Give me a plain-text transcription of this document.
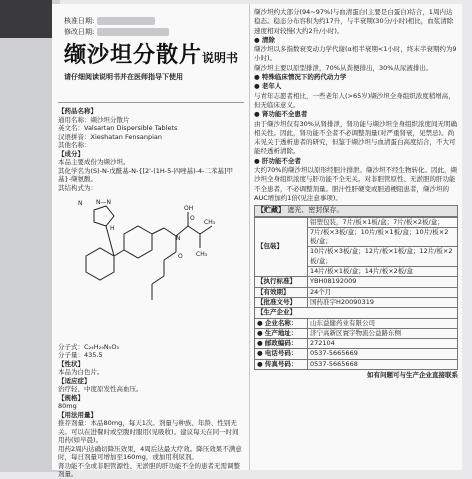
核准日期:
修改日期:
缬沙坦分散片说明书
请仔细阅读说明书并在医师指导下使用

【药品名称】

通用名称：缬沙坦分散片

英文名：Valsartan Dispersible Tablets

汉语拼音：Xieshatan Fensanpian

其他名称：

【成分】

本品主要成份为缬沙坦。

其化学名为(S)-N-戊酰基-N-{[2'-(1H-5-四唑基)-4-二苯基]甲基}-缬氨酸。

其结构式为：

N N—N
H
N
OH
CH₃
CH₃
O
O

分子式：C₂₄H₂₉N₅O₃

分子量：435.5

【性状】

本品为白色片。

【适应症】

治疗轻、中度原发性高血压。

【规格】

80mg

【用法用量】

推荐剂量：本品80mg，每天1次。剂量与种族、年龄、性别无关。可以在进餐时或空腹时服用(见吸收)。建议每天在同一时间用药(如早晨)。

用药2周内达确切降压效果，4周后达最大疗效。降压效果不满意时，每日剂量可增加至160mg，或加用利尿剂。

肾功能不全或非胆管源性、无淤胆的肝功能不全的患者无需调整剂量。

缬沙坦约大部分(94~97%)与血清蛋白(主要是白蛋白)结合，1周内达稳态。稳态分布容积为约17升，与半衰期(30分/小时)相比，血浆清除速度相对较慢(大约2升/小时)。

● 清除

缬沙坦以多指数衰变动力学代谢(α相半衰期<1小时，终末半衰期约为9小时)。

缬沙坦主要以原型排泄，70%从粪便排出，30%从尿液排出。

● 特殊临床情况下的药代动力学

● 老年人

与青年志愿者相比，一些老年人(>65岁)缬沙坦全身组织浓度稍增高，但无临床意义。

● 肾功能不全患者

由于缬沙坦仅有30%从肾排泄，肾功能与缬沙坦全身组织浓度间无明确相关性。因此，肾功能不全者不必调整剂量(对严重肾衰，见禁忌)。尚未见关于透析患者的研究，但鉴于缬沙坦与血清蛋白高度结合，不大可能经透析清除。

● 肝功能不全者

大约70%的缬沙坦以原形经胆汁排泄。缬沙坦不经生物转化。因此，缬沙坦全身组织浓度与肝功能不全无关。对非胆管原性、无淤胆的肝功能不全患者，不必调整剂量。胆汁性肝硬变或胆道梗阻患者，缬沙坦的AUC增加约1倍(见注意事项)。

【贮藏】 遮光、密封保存。
【包装】	铝塑包装，7片/板×1板/盒；7片/板×2板/盒；
	7片/板×3板/盒；10片/板×1板/盒；10片/板×2板/盒；
	10片/板×3板/盒；12片/板×1板/盒；12片/板×2板/盒；
	14片/板×1板/盒；14片/板×2板/盒
【执行标准】	YBH08192009
【有效期】	24个月
【批准文号】	国药准字H20090319
【生产企业】	
● 企业名称：	山东益健药业有限公司
● 生产地址：	济宁高新区寰宇物流公益路东侧
● 邮政编码：	272104
● 电话号码：	0537-5665669
● 传真号码：	0537-5665668

如有问题可与生产企业直接联系
